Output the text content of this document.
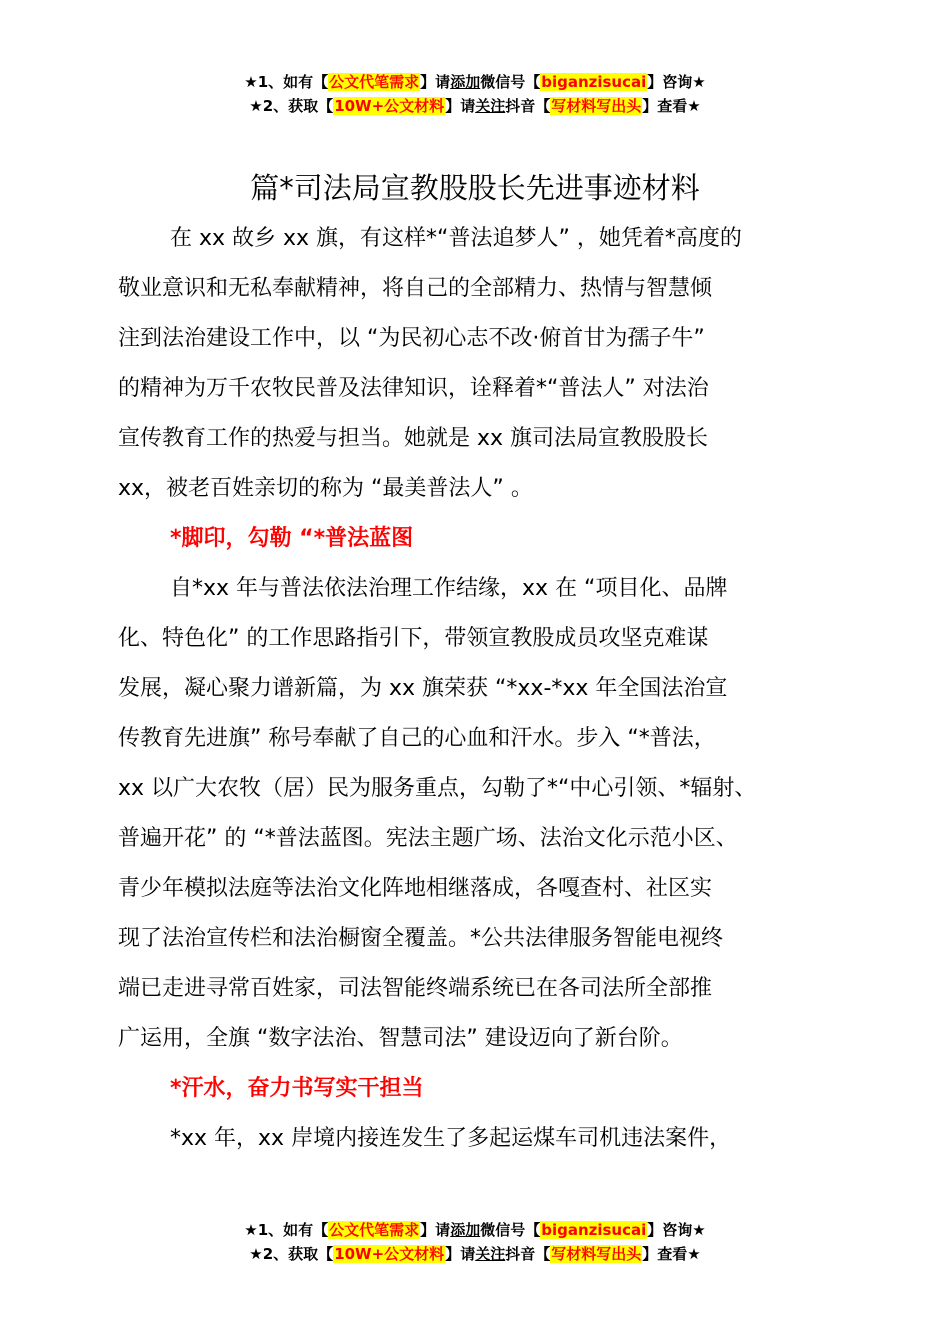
★1、如有【公文代笔需求】请添加微信号【biganzisucai】咨询★
★2、获取【10W+公文材料】请关注抖音【写材料写出头】查看★
篇*司法局宣教股股长先进事迹材料
在 xx 故乡 xx 旗，有这样*“普法追梦人” ，她凭着*高度的
敬业意识和无私奉献精神，将自己的全部精力、热情与智慧倾
注到法治建设工作中，以 “为民初心志不改·俯首甘为孺子牛”
的精神为万千农牧民普及法律知识，诠释着*“普法人” 对法治
宣传教育工作的热爱与担当。她就是 xx 旗司法局宣教股股长
xx，被老百姓亲切的称为 “最美普法人” 。
*脚印，勾勒 “*普法蓝图
自*xx 年与普法依法治理工作结缘，xx 在 “项目化、品牌
化、特色化” 的工作思路指引下，带领宣教股成员攻坚克难谋
发展，凝心聚力谱新篇，为 xx 旗荣获 “*xx-*xx 年全国法治宣
传教育先进旗” 称号奉献了自己的心血和汗水。步入 “*普法，
xx 以广大农牧（居）民为服务重点，勾勒了*“中心引领、*辐射、
普遍开花” 的 “*普法蓝图。宪法主题广场、法治文化示范小区、
青少年模拟法庭等法治文化阵地相继落成，各嘎查村、社区实
现了法治宣传栏和法治橱窗全覆盖。*公共法律服务智能电视终
端已走进寻常百姓家，司法智能终端系统已在各司法所全部推
广运用，全旗 “数字法治、智慧司法” 建设迈向了新台阶。
*汗水，奋力书写实干担当
*xx 年，xx 岸境内接连发生了多起运煤车司机违法案件，
★1、如有【公文代笔需求】请添加微信号【biganzisucai】咨询★
★2、获取【10W+公文材料】请关注抖音【写材料写出头】查看★
